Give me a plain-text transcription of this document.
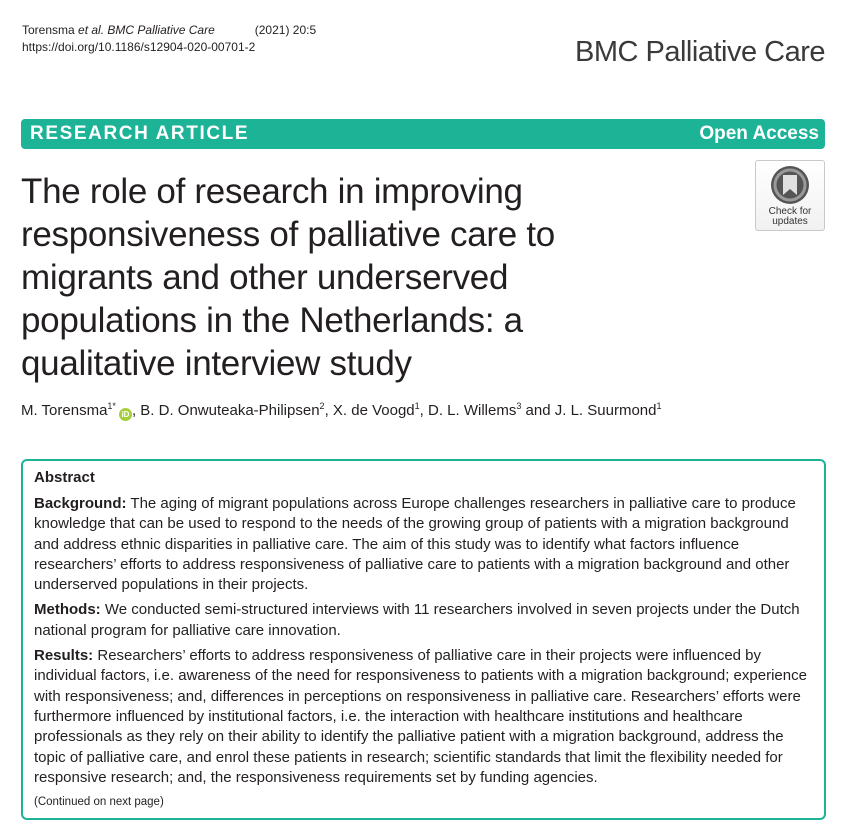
Torensma et al. BMC Palliative Care	(2021) 20:5
https://doi.org/10.1186/s12904-020-00701-2	BMC Palliative Care
RESEARCH ARTICLE	Open Access
The role of research in improving
responsiveness of palliative care to
migrants and other underserved
populations in the Netherlands: a
qualitative interview study
Check for
updates
M. Torensma$^{1*}$iD , B. D. Onwuteaka-Philipsen$^2$, X. de Voogd$^1$, D. L. Willems$^3$ and J. L. Suurmond$^1$
Abstract

Background: The aging of migrant populations across Europe challenges researchers in palliative care to produce knowledge that can be used to respond to the needs of the growing group of patients with a migration background and address ethnic disparities in palliative care. The aim of this study was to identify what factors influence researchers’ efforts to address responsiveness of palliative care to patients with a migration background and other underserved populations in their projects.

Methods: We conducted semi-structured interviews with 11 researchers involved in seven projects under the Dutch national program for palliative care innovation.

Results: Researchers’ efforts to address responsiveness of palliative care in their projects were influenced by individual factors, i.e. awareness of the need for responsiveness to patients with a migration background; experience with responsiveness; and, differences in perceptions on responsiveness in palliative care. Researchers’ efforts were furthermore influenced by institutional factors, i.e. the interaction with healthcare institutions and healthcare professionals as they rely on their ability to identify the palliative patient with a migration background, address the topic of palliative care, and enrol these patients in research; scientific standards that limit the flexibility needed for responsive research; and, the responsiveness requirements set by funding agencies.

(Continued on next page)
